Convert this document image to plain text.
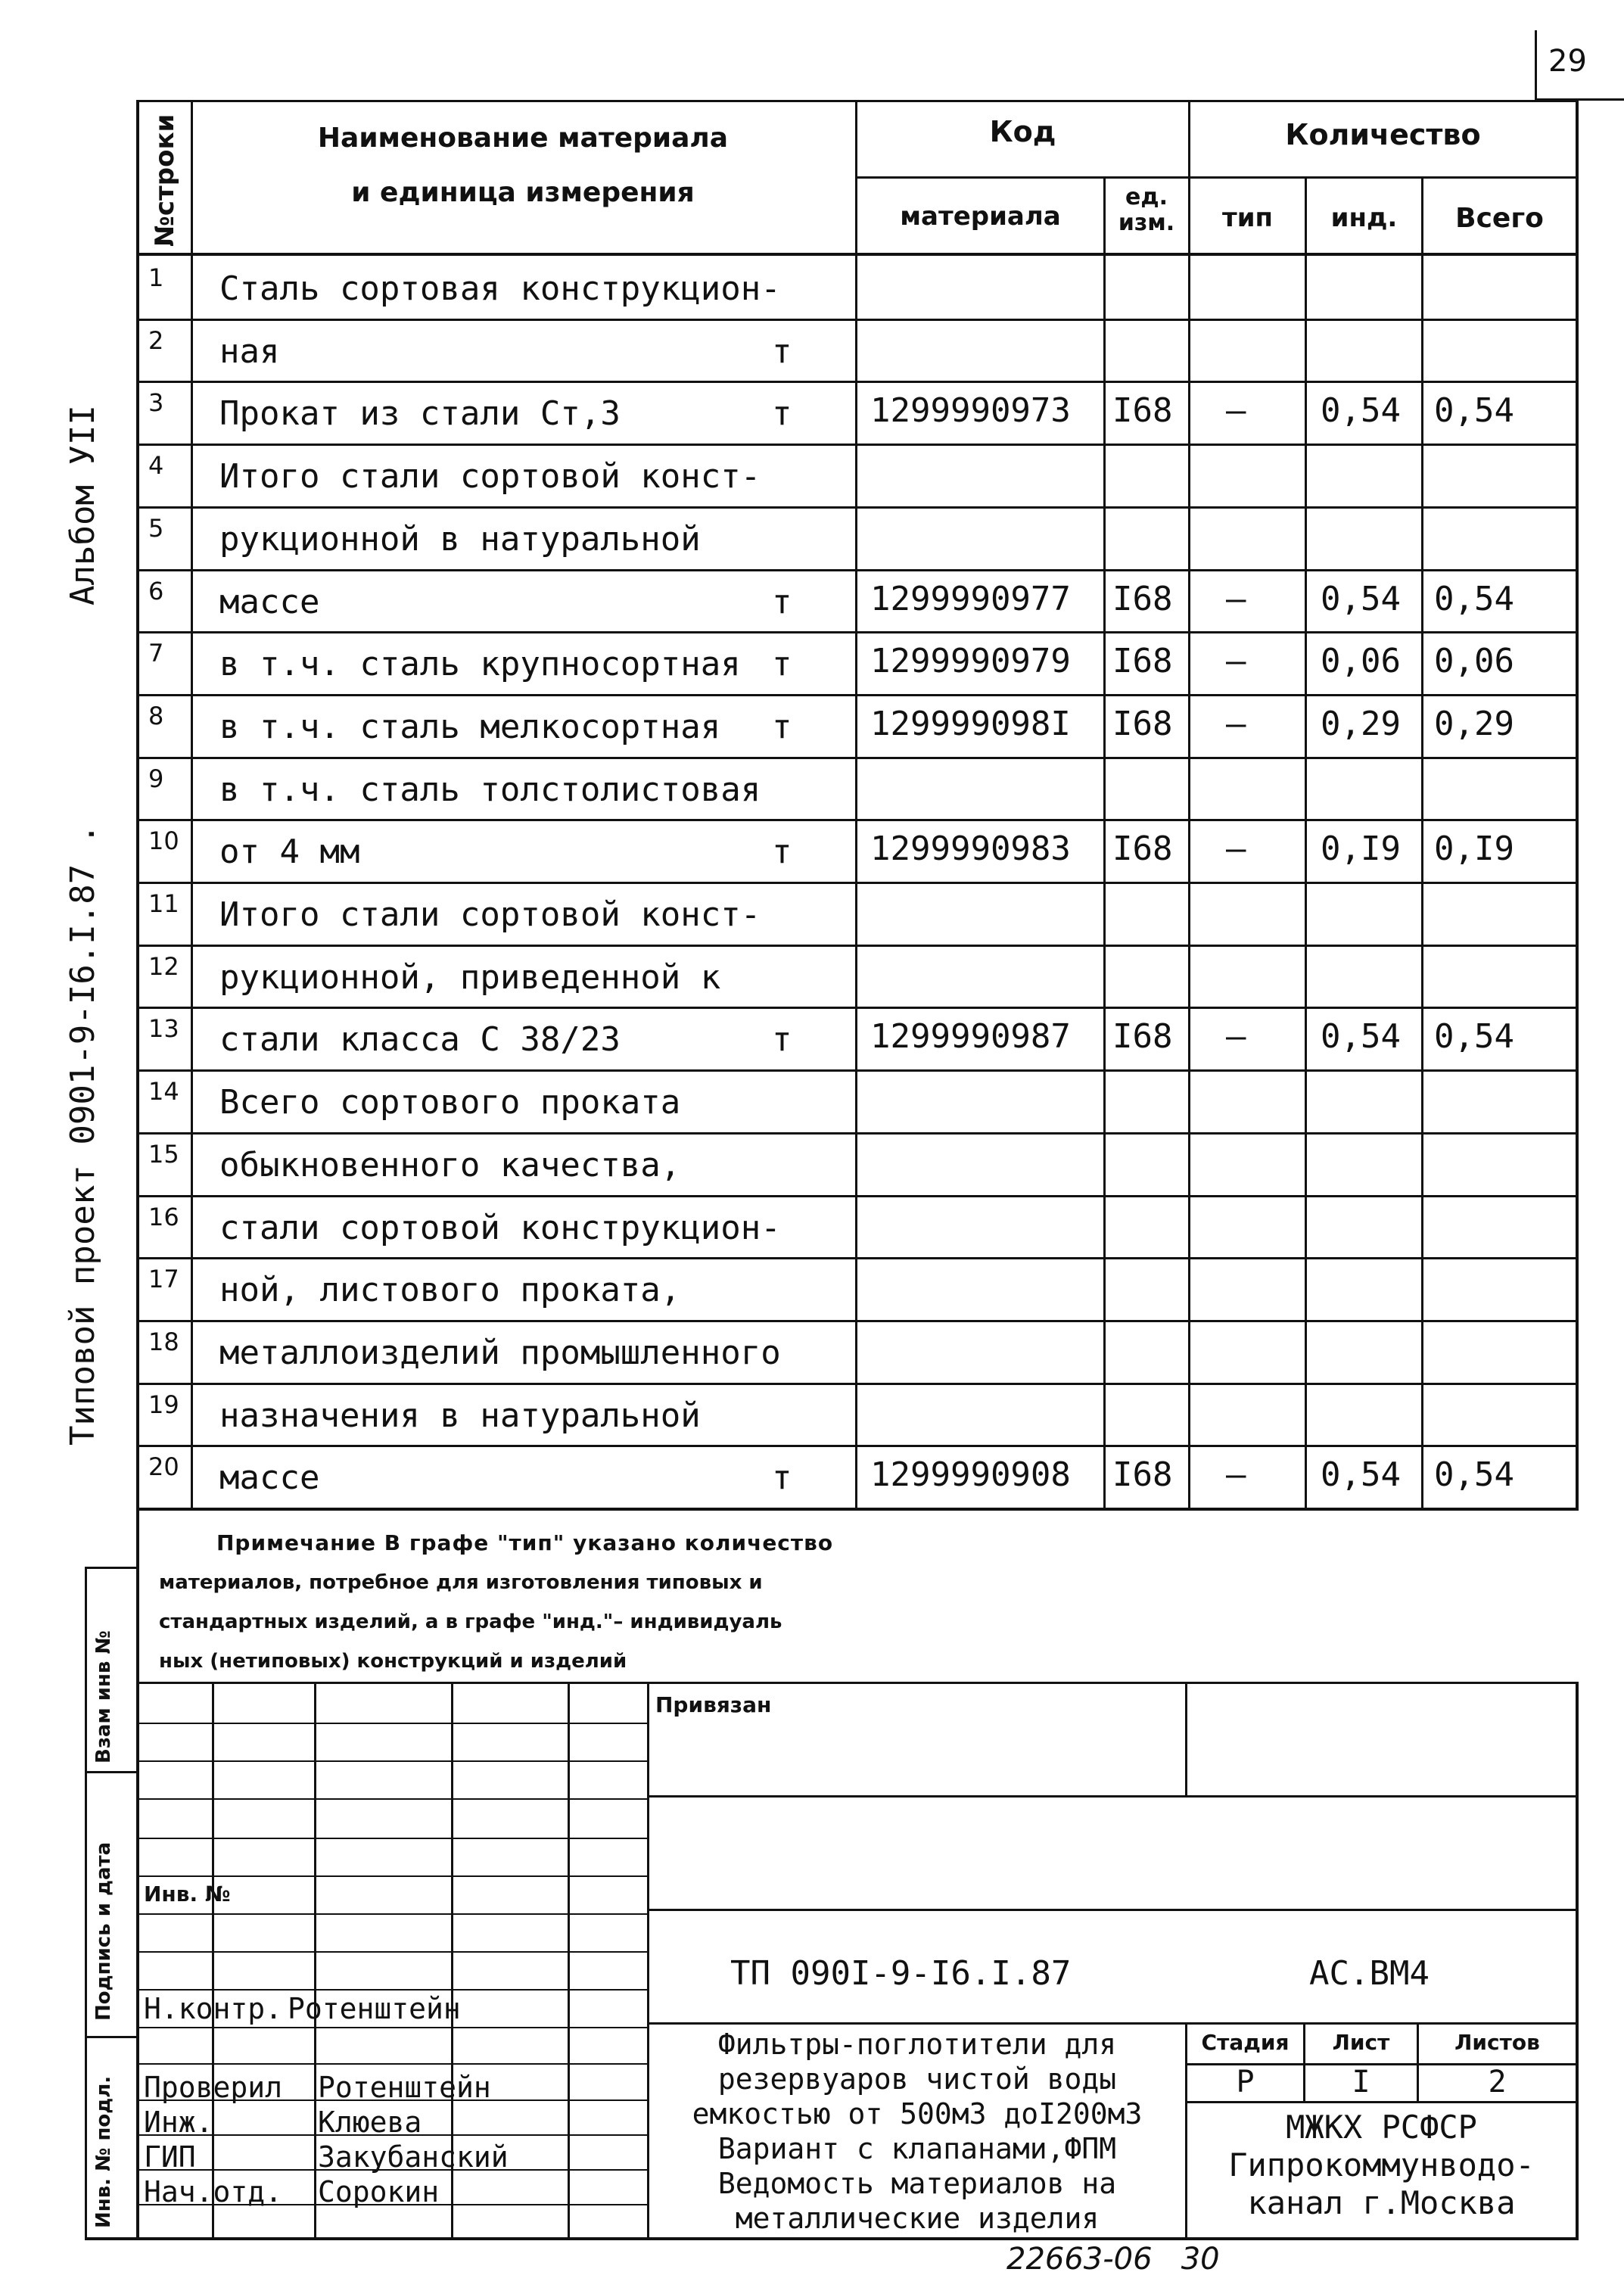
29
Альбом УII
Типовой проект 0901-9-I6.I.87 .
№строки	Наименование материала
и единица измерения
Код
материала
ед. изм.
Количество
тип	инд.	Всего
1 Сталь сортовая конструкцион-
2 ная	т
3 Прокат из стали Ст,3	т 1299990973 I68 – 0,54 0,54
4 Итого стали сортовой конст-
5 рукционной в натуральной
6 массе	т 1299990977 I68 – 0,54 0,54
7 в т.ч. сталь крупносортная т 1299990979 I68 – 0,06 0,06
8 в т.ч. сталь мелкосортная т 129999098I I68 – 0,29 0,29
9 в т.ч. сталь толстолистовая
10 от 4 мм	т 1299990983 I68 – 0,I9 0,I9
11 Итого стали сортовой конст-
12 рукционной, приведенной к
13 стали класса С 38/23	т 1299990987 I68 – 0,54 0,54
14 Всего сортового проката
15 обыкновенного качества,
16 стали сортовой конструкцион-
17 ной, листового проката,
18 металлоизделий промышленного
19 назначения в натуральной
20 массе	т 1299990908 I68 – 0,54 0,54
Примечание В графе "тип" указано количество
материалов, потребное для изготовления типовых и
стандартных изделий, а в графе "инд."– индивидуаль
ных (нетиповых) конструкций и изделий
Взам инв №
Подпись и дата
Инв. № подл.
Привязан
Инв. №
ТП 090I-9-I6.I.87	АС.ВМ4
Н.контр. Ротенштейн
Проверил Ротенштейн
Инж.	Клюева
ГИП	Закубанский
Нач.отд. Сорокин
Фильтры-поглотители для
резервуаров чистой воды
емкостью от 500м3 доI200м3
Вариант с клапанами,ФПМ
Ведомость материалов на
металлические изделия
Стадия	Лист	Листов
Р	I	2
МЖКХ РСФСР
Гипрокоммунводо-
канал г.Москва
22663-06   30
